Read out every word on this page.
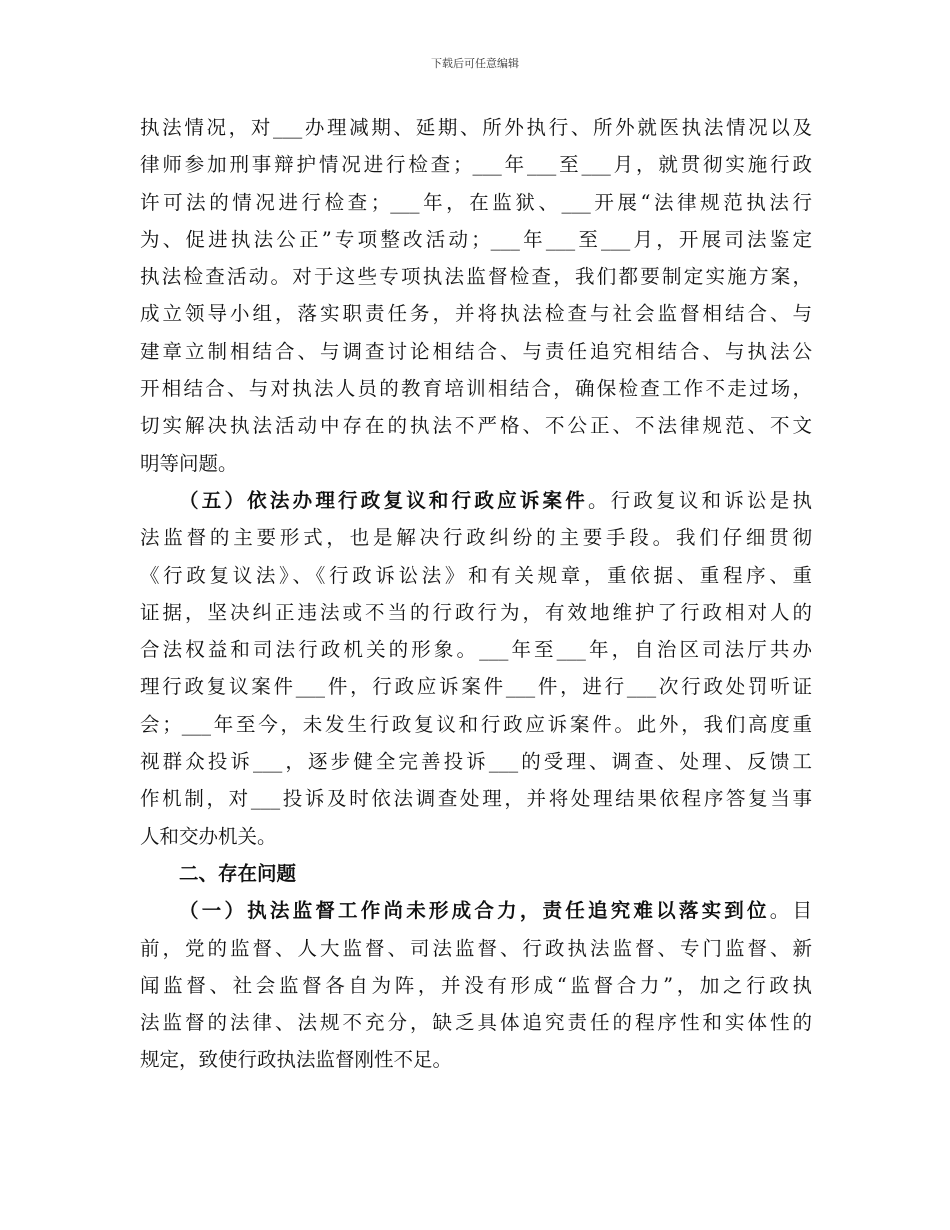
下载后可任意编辑
执法情况，对___办理减期、延期、所外执行、所外就医执法情况以及
律师参加刑事辩护情况进行检查；___年___至___月，就贯彻实施行政
许可法的情况进行检查；___年，在监狱、___开展“法律规范执法行
为、促进执法公正”专项整改活动；___年___至___月，开展司法鉴定
执法检查活动。对于这些专项执法监督检查，我们都要制定实施方案，
成立领导小组，落实职责任务，并将执法检查与社会监督相结合、与
建章立制相结合、与调查讨论相结合、与责任追究相结合、与执法公
开相结合、与对执法人员的教育培训相结合，确保检查工作不走过场，
切实解决执法活动中存在的执法不严格、不公正、不法律规范、不文
明等问题。
（五）依法办理行政复议和行政应诉案件。行政复议和诉讼是执
法监督的主要形式，也是解决行政纠纷的主要手段。我们仔细贯彻
《行政复议法》、《行政诉讼法》和有关规章，重依据、重程序、重
证据，坚决纠正违法或不当的行政行为，有效地维护了行政相对人的
合法权益和司法行政机关的形象。___年至___年，自治区司法厅共办
理行政复议案件___件，行政应诉案件___件，进行___次行政处罚听证
会；___年至今，未发生行政复议和行政应诉案件。此外，我们高度重
视群众投诉___，逐步健全完善投诉___的受理、调查、处理、反馈工
作机制，对___投诉及时依法调查处理，并将处理结果依程序答复当事
人和交办机关。
二、存在问题
（一）执法监督工作尚未形成合力，责任追究难以落实到位。目
前，党的监督、人大监督、司法监督、行政执法监督、专门监督、新
闻监督、社会监督各自为阵，并没有形成“监督合力”，加之行政执
法监督的法律、法规不充分，缺乏具体追究责任的程序性和实体性的
规定，致使行政执法监督刚性不足。
